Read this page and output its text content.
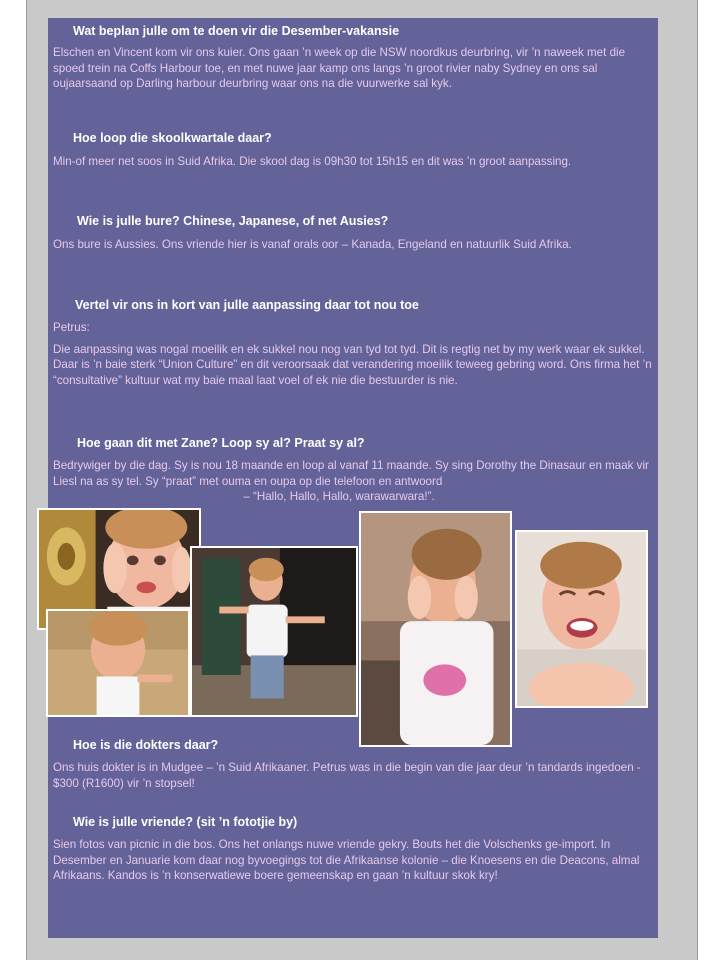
Wat beplan julle om te doen vir die Desember-vakansie

Elschen en Vincent kom vir ons kuier. Ons gaan ’n week op die NSW noordkus deurbring, vir ’n naweek met die spoed trein na Coffs Harbour toe, en met nuwe jaar kamp ons langs ’n groot rivier naby Sydney en ons sal oujaarsaand op Darling harbour deurbring waar ons na die vuurwerke sal kyk.

Hoe loop die skoolkwartale daar?

Min-of meer net soos in Suid Afrika. Die skool dag is 09h30 tot 15h15 en dit was ’n groot aanpassing.

Wie is julle bure? Chinese, Japanese, of net Ausies?

Ons bure is Aussies. Ons vriende hier is vanaf orals oor – Kanada, Engeland en natuurlik Suid Afrika.

Vertel vir ons in kort van julle aanpassing daar tot nou toe

Petrus:

Die aanpassing was nogal moeilik en ek sukkel nou nog van tyd tot tyd. Dit is regtig net by my werk waar ek sukkel. Daar is ’n baie sterk “Union Culture” en dit veroorsaak dat verandering moeilik teweeg gebring word. Ons firma het ’n “consultative” kultuur wat my baie maal laat voel of ek nie die bestuurder is nie.

Hoe gaan dit met Zane? Loop sy al? Praat sy al?

Bedrywiger by die dag. Sy is nou 18 maande en loop al vanaf 11 maande. Sy sing Dorothy the Dinasaur en maak vir Liesl na as sy tel. Sy “praat” met ouma en oupa op die telefoon en antwoord

– “Hallo, Hallo, Hallo, warawarwara!”.

Hoe is die dokters daar?

Ons huis dokter is in Mudgee – ’n Suid Afrikaaner. Petrus was in die begin van die jaar deur ’n tandards ingedoen - $300 (R1600) vir ’n stopsel!

Wie is julle vriende? (sit ’n fototjie by)

Sien fotos van picnic in die bos. Ons het onlangs nuwe vriende gekry. Bouts het die Volschenks ge-import. In Desember en Januarie kom daar nog byvoegings tot die Afrikaanse kolonie – die Knoesens en die Deacons, almal Afrikaans. Kandos is ’n konserwatiewe boere gemeenskap en gaan ’n kultuur skok kry!
